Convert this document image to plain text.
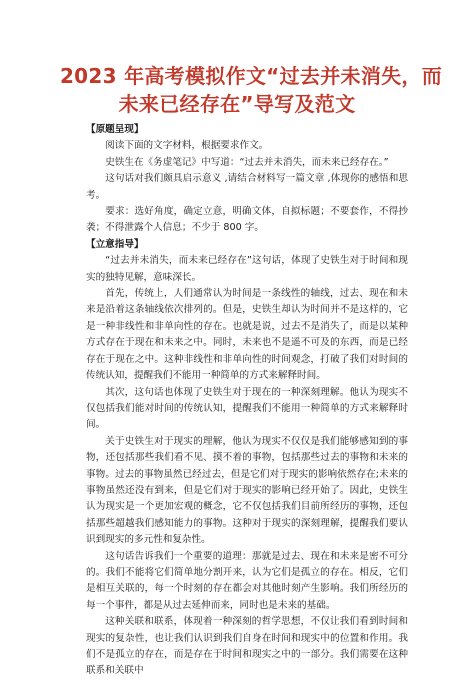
2023 年高考模拟作文“过去并未消失，而
未来已经存在”导写及范文

【原题呈现】

阅读下面的文字材料，根据要求作文。

史铁生在《务虚笔记》中写道：“过去并未消失，而未来已经存在。”

这句话对我们颇具启示意义 ,请结合材料写一篇文章 ,体现你的感悟和思考。

要求：选好角度，确定立意，明确文体，自拟标题；不要套作，不得抄袭；不得泄露个人信息；不少于 800 字。

【立意指导】

“过去并未消失，而未来已经存在”这句话，体现了史铁生对于时间和现实的独特见解，意味深长。

首先，传统上，人们通常认为时间是一条线性的轴线，过去、现在和未来是沿着这条轴线依次排列的。但是，史铁生却认为时间并不是这样的，它是一种非线性和非单向性的存在。也就是说，过去不是消失了，而是以某种方式存在于现在和未来之中。同时，未来也不是遥不可及的东西，而是已经存在于现在之中。这种非线性和非单向性的时间观念，打破了我们对时间的传统认知，提醒我们不能用一种简单的方式来解释时间。

其次，这句话也体现了史铁生对于现在的一种深刻理解。他认为现实不仅包括我们能对时间的传统认知，提醒我们不能用一种简单的方式来解释时间。

关于史铁生对于现实的理解，他认为现实不仅仅是我们能够感知到的事物，还包括那些我们看不见、摸不着的事物，包括那些过去的事物和未来的事物。过去的事物虽然已经过去，但是它们对于现实的影响依然存在;未来的事物虽然还没有到来，但是它们对于现实的影响已经开始了。因此，史铁生认为现实是一个更加宏观的概念，它不仅包括我们目前所经历的事物，还包括那些超越我们感知能力的事物。这种对于现实的深刻理解，提醒我们要认识到现实的多元性和复杂性。

这句话告诉我们一个重要的道理：那就是过去、现在和未来是密不可分的。我们不能将它们简单地分割开来，认为它们是孤立的存在。相反，它们是相互关联的，每一个时刻的存在都会对其他时刻产生影响。我们所经历的每一个事件，都是从过去延伸而来，同时也是未来的基础。

这种关联和联系，体现着一种深刻的哲学思想，不仅让我们看到时间和现实的复杂性，也让我们认识到我们自身在时间和现实中的位置和作用。我们不是孤立的存在，而是存在于时间和现实之中的一部分。我们需要在这种联系和关联中
